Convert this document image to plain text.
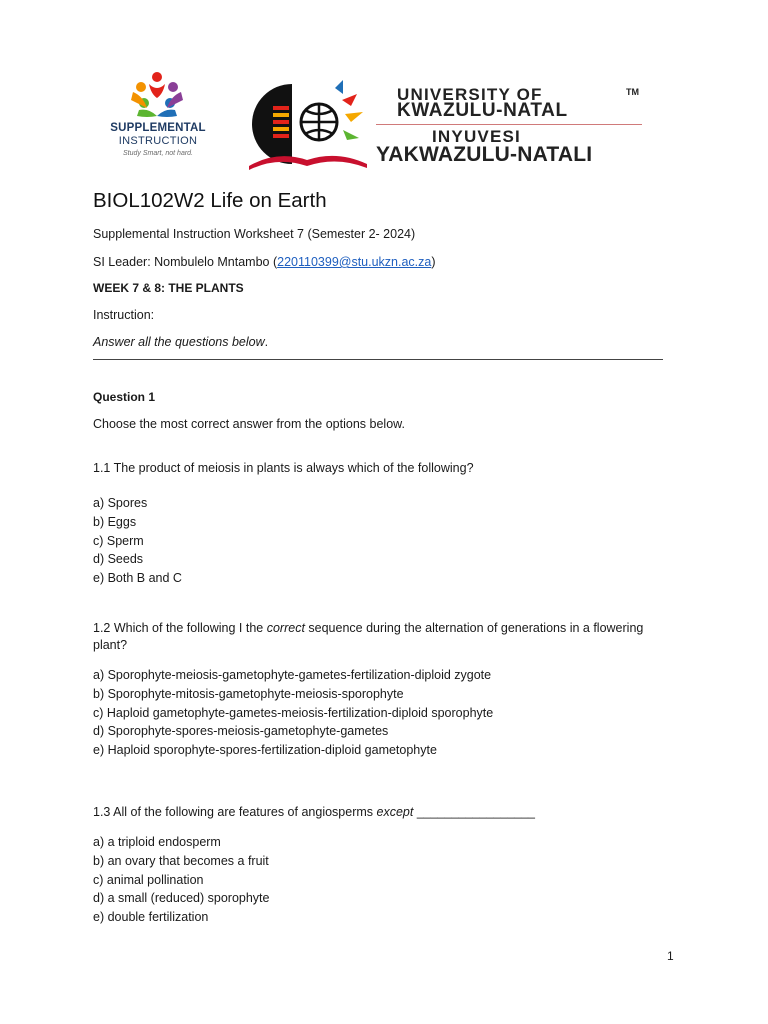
SUPPLEMENTAL
INSTRUCTION
Study Smart, not hard.
UNIVERSITY OF	TM
KWAZULU-NATAL
INYUVESI
YAKWAZULU-NATALI
BIOL102W2 Life on Earth
Supplemental Instruction Worksheet 7 (Semester 2- 2024)
SI Leader: Nombulelo Mntambo (220110399@stu.ukzn.ac.za)
WEEK 7 & 8: THE PLANTS
Instruction:
Answer all the questions below.
Question 1
Choose the most correct answer from the options below.
1.1 The product of meiosis in plants is always which of the following?
a) Spores
b) Eggs
c) Sperm
d) Seeds
e) Both B and C
1.2 Which of the following I the correct sequence during the alternation of generations in a flowering
plant?
a) Sporophyte-meiosis-gametophyte-gametes-fertilization-diploid zygote
b) Sporophyte-mitosis-gametophyte-meiosis-sporophyte
c) Haploid gametophyte-gametes-meiosis-fertilization-diploid sporophyte
d) Sporophyte-spores-meiosis-gametophyte-gametes
e) Haploid sporophyte-spores-fertilization-diploid gametophyte
1.3 All of the following are features of angiosperms except _________________
a) a triploid endosperm
b) an ovary that becomes a fruit
c) animal pollination
d) a small (reduced) sporophyte
e) double fertilization
1
